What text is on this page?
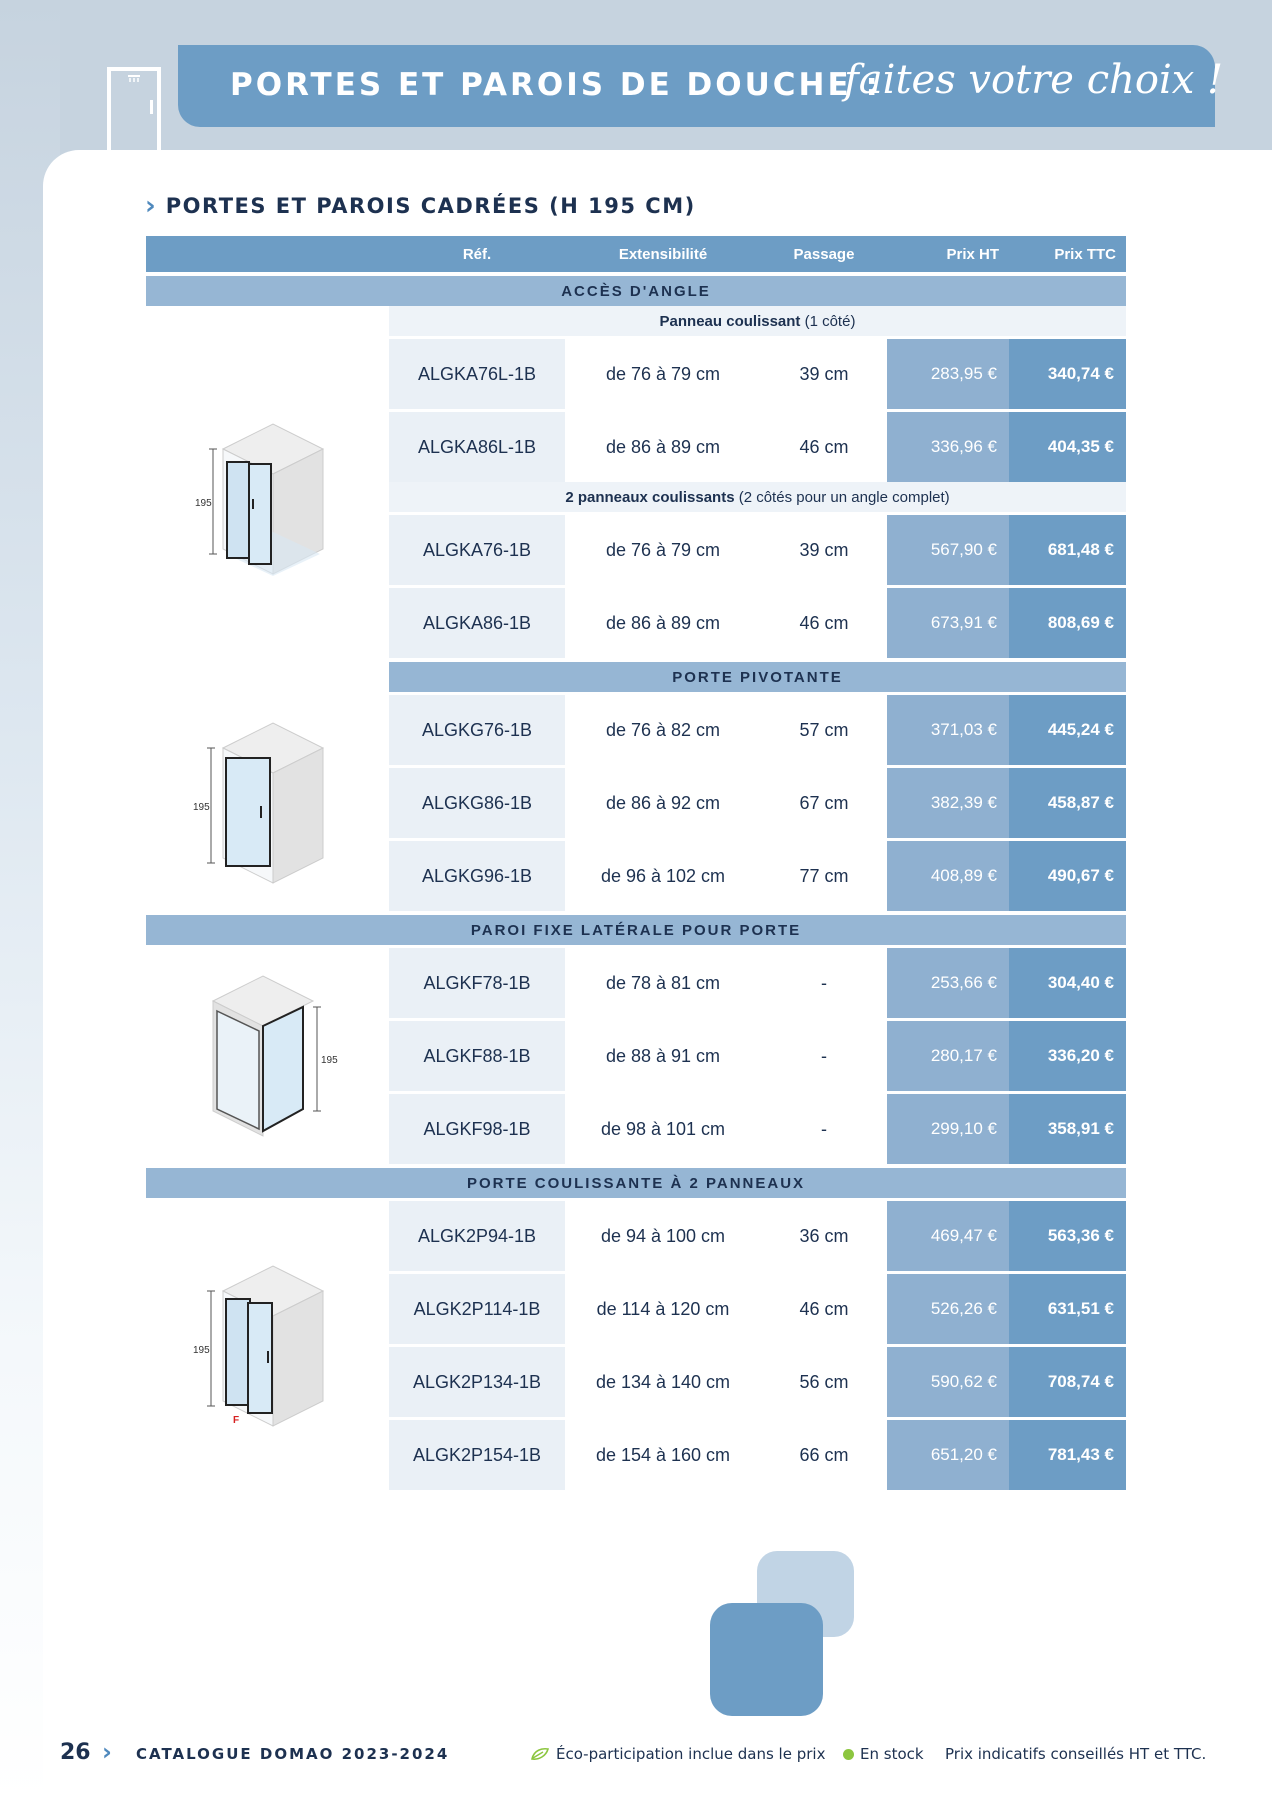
PORTES ET PAROIS DE DOUCHE :
faites votre choix !
› PORTES ET PAROIS CADRÉES (H 195 CM)
	Réf.	Extensibilité	Passage	Prix HT	Prix TTC
ACCÈS D'ANGLE					

195	Panneau coulissant (1 côté)				
	ALGKA76L-1B	de 76 à 79 cm	39 cm	283,95 €	340,74 €
	ALGKA86L-1B	de 86 à 89 cm	46 cm	336,96 €	404,35 €
	2 panneaux coulissants (2 côtés pour un angle complet)				
	ALGKA76-1B	de 76 à 79 cm	39 cm	567,90 €	681,48 €
	ALGKA86-1B	de 86 à 89 cm	46 cm	673,91 €	808,69 €
	PORTE PIVOTANTE				

195	ALGKG76-1B	de 76 à 82 cm	57 cm	371,03 €	445,24 €
	ALGKG86-1B	de 86 à 92 cm	67 cm	382,39 €	458,87 €
	ALGKG96-1B	de 96 à 102 cm	77 cm	408,89 €	490,67 €
PAROI FIXE LATÉRALE POUR PORTE					

195	ALGKF78-1B	de 78 à 81 cm	-	253,66 €	304,40 €
	ALGKF88-1B	de 88 à 91 cm	-	280,17 €	336,20 €
	ALGKF98-1B	de 98 à 101 cm	-	299,10 €	358,91 €
PORTE COULISSANTE À 2 PANNEAUX					

195
F	ALGK2P94-1B	de 94 à 100 cm	36 cm	469,47 €	563,36 €
	ALGK2P114-1B	de 114 à 120 cm	46 cm	526,26 €	631,51 €
	ALGK2P134-1B	de 134 à 140 cm	56 cm	590,62 €	708,74 €
	ALGK2P154-1B	de 154 à 160 cm	66 cm	651,20 €	781,43 €
26 › CATALOGUE DOMAO 2023-2024	Éco-participation inclue dans le prix En stock Prix indicatifs conseillés HT et TTC.
